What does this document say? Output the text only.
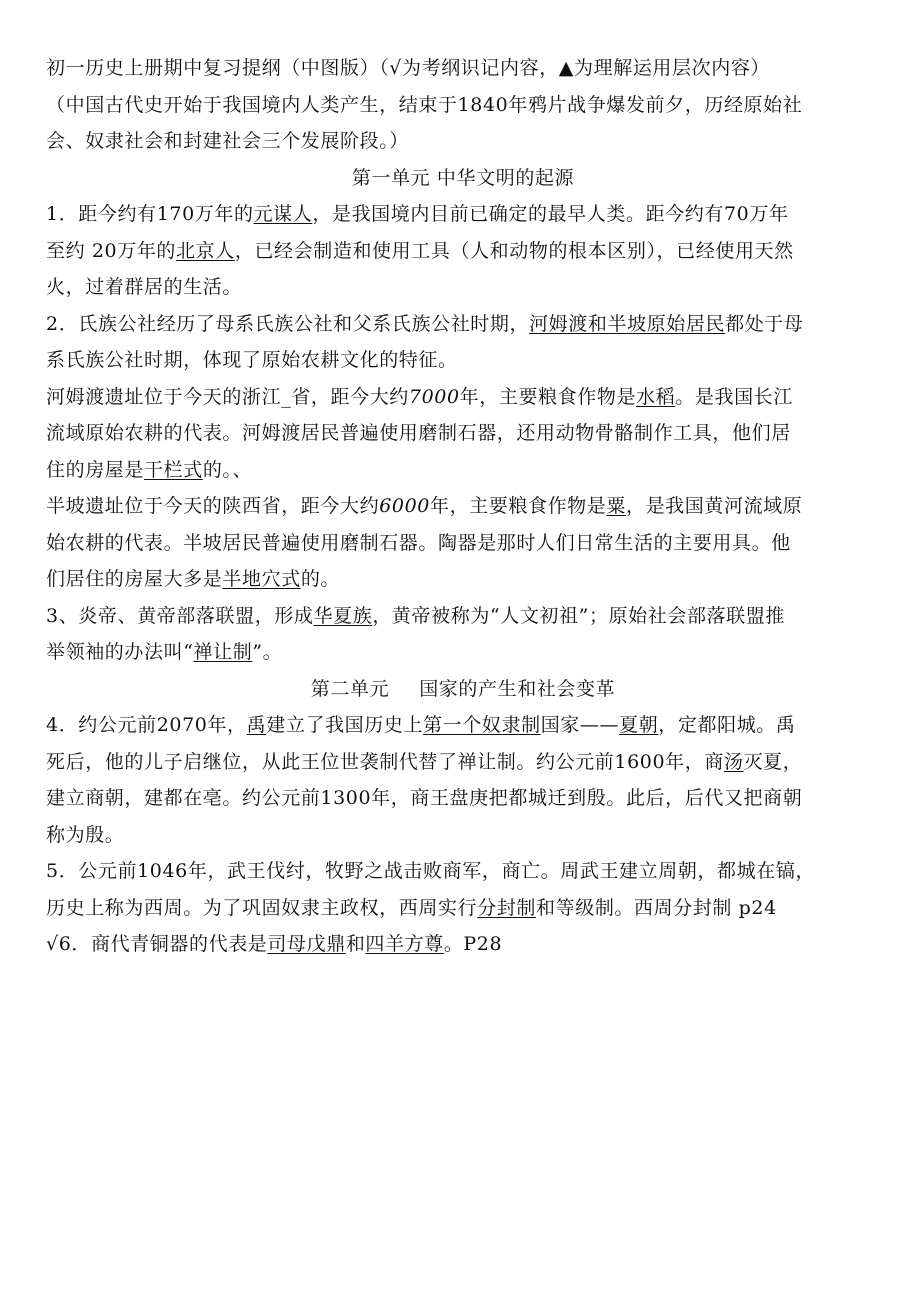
初一历史上册期中复习提纲（中图版）（√为考纲识记内容，▲为理解运用层次内容）
（中国古代史开始于我国境内人类产生，结束于1840年鸦片战争爆发前夕，历经原始社
会、奴隶社会和封建社会三个发展阶段。）
第一单元 中华文明的起源
1．距今约有170万年的元谋人，是我国境内目前已确定的最早人类。距今约有70万年
至约 20万年的北京人，已经会制造和使用工具（人和动物的根本区别），已经使用天然
火，过着群居的生活。
2．氏族公社经历了母系氏族公社和父系氏族公社时期，河姆渡和半坡原始居民都处于母
系氏族公社时期，体现了原始农耕文化的特征。
河姆渡遗址位于今天的浙江_省，距今大约7000年，主要粮食作物是水稻。是我国长江
流域原始农耕的代表。河姆渡居民普遍使用磨制石器，还用动物骨骼制作工具，他们居
住的房屋是干栏式的。、
半坡遗址位于今天的陕西省，距今大约6000年，主要粮食作物是粟，是我国黄河流域原
始农耕的代表。半坡居民普遍使用磨制石器。陶器是那时人们日常生活的主要用具。他
们居住的房屋大多是半地穴式的。
3、炎帝、黄帝部落联盟，形成华夏族，黄帝被称为“人文初祖”；原始社会部落联盟推
举领袖的办法叫“禅让制”。
第二单元 国家的产生和社会变革
4．约公元前2070年，禹建立了我国历史上第一个奴隶制国家——夏朝，定都阳城。禹
死后，他的儿子启继位，从此王位世袭制代替了禅让制。约公元前1600年，商汤灭夏，
建立商朝，建都在亳。约公元前1300年，商王盘庚把都城迁到殷。此后，后代又把商朝
称为殷。
5．公元前1046年，武王伐纣，牧野之战击败商军，商亡。周武王建立周朝，都城在镐，
历史上称为西周。为了巩固奴隶主政权，西周实行分封制和等级制。西周分封制 p24
√6．商代青铜器的代表是司母戊鼎和四羊方尊。P28
